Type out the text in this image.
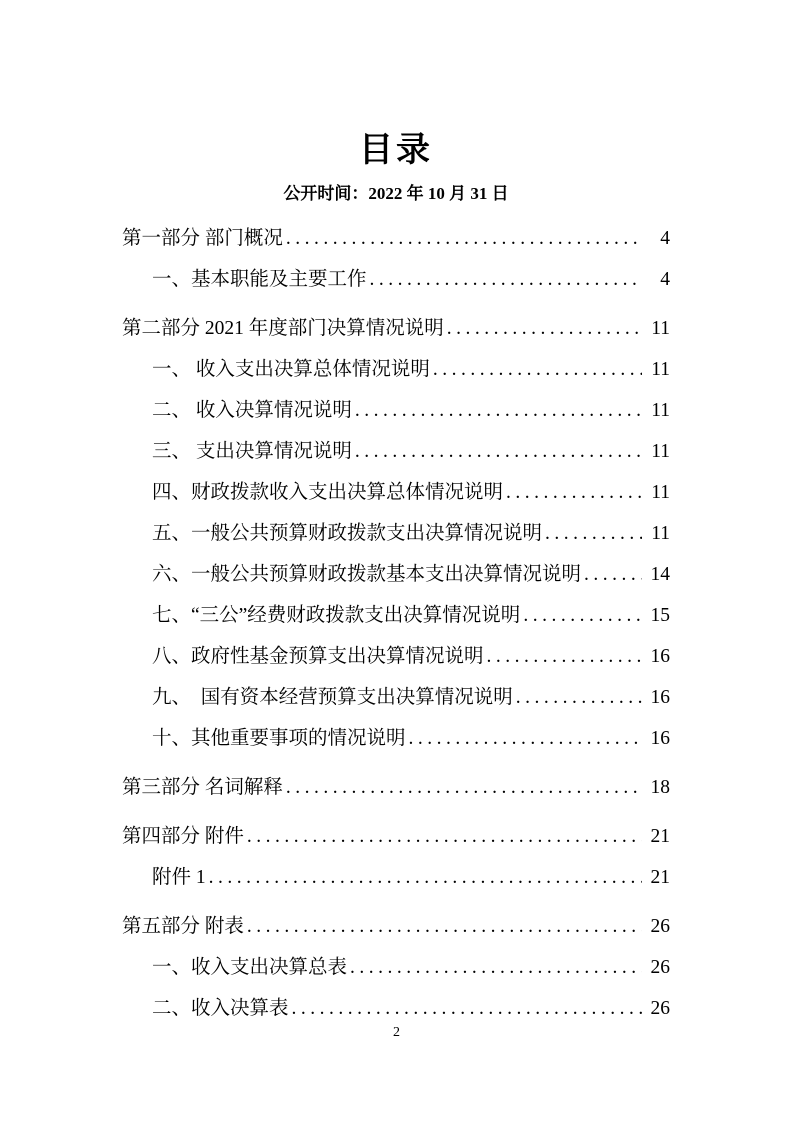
目录
公开时间：2022 年 10 月 31 日
第一部分 部门概况 .....	4
一、基本职能及主要工作 .....	4
第二部分 2021 年度部门决算情况说明 .....	11
一、 收入支出决算总体情况说明 .....	11
二、 收入决算情况说明 .....	11
三、 支出决算情况说明 .....	11
四、财政拨款收入支出决算总体情况说明 .....	11
五、一般公共预算财政拨款支出决算情况说明 .....	11
六、一般公共预算财政拨款基本支出决算情况说明 .....	14
七、“三公”经费财政拨款支出决算情况说明 .....	15
八、政府性基金预算支出决算情况说明 .....	16
九、　国有资本经营预算支出决算情况说明 .....	16
十、其他重要事项的情况说明 .....	16
第三部分 名词解释 .....	18
第四部分 附件 .....	21
附件 1 .....	21
第五部分 附表 .....	26
一、收入支出决算总表 .....	26
二、收入决算表 .....	26
2
